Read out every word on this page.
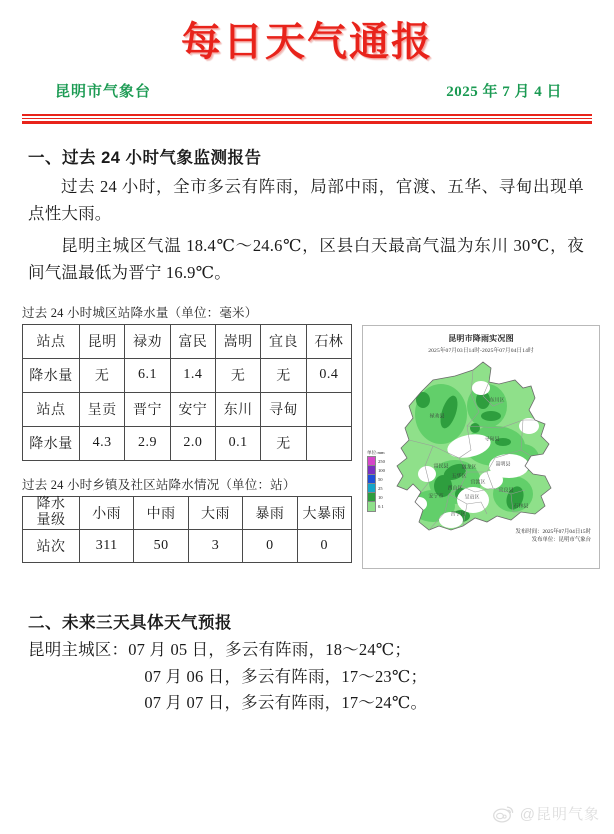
每日天气通报
昆明市气象台	2025 年 7 月 4 日
一、过去 24 小时气象监测报告
过去 24 小时，全市多云有阵雨，局部中雨，官渡、五华、寻甸出现单点性大雨。
昆明主城区气温 18.4℃～24.6℃，区县白天最高气温为东川 30℃，夜间气温最低为晋宁 16.9℃。
过去 24 小时城区站降水量（单位：毫米）
站点	昆明	禄劝	富民	嵩明	宜良	石林
降水量	无	6.1	1.4	无	无	0.4
站点	呈贡	晋宁	安宁	东川	寻甸	
降水量	4.3	2.9	2.0	0.1	无	
过去 24 小时乡镇及社区站降水情况（单位：站）
降水
量级	小雨	中雨	大雨	暴雨	大暴雨
站次	311	50	3	0	0
昆明市降雨实况图
2025年07月03日14时-2025年07月04日14时
禄劝县
东川区
寻甸县
富民县	嵩明县
盘龙区
五华区
官渡区
西山区	宜良县
安宁市	呈贡区
石林县
晋宁区
单位:mm
250
100
50
25
10
0.1
发布时间：2025年07月04日15时
发布单位：昆明市气象台
二、未来三天具体天气预报
昆明主城区：07 月 05 日，多云有阵雨，18～24℃；
07 月 06 日，多云有阵雨，17～23℃；
07 月 07 日，多云有阵雨，17～24℃。
@昆明气象
